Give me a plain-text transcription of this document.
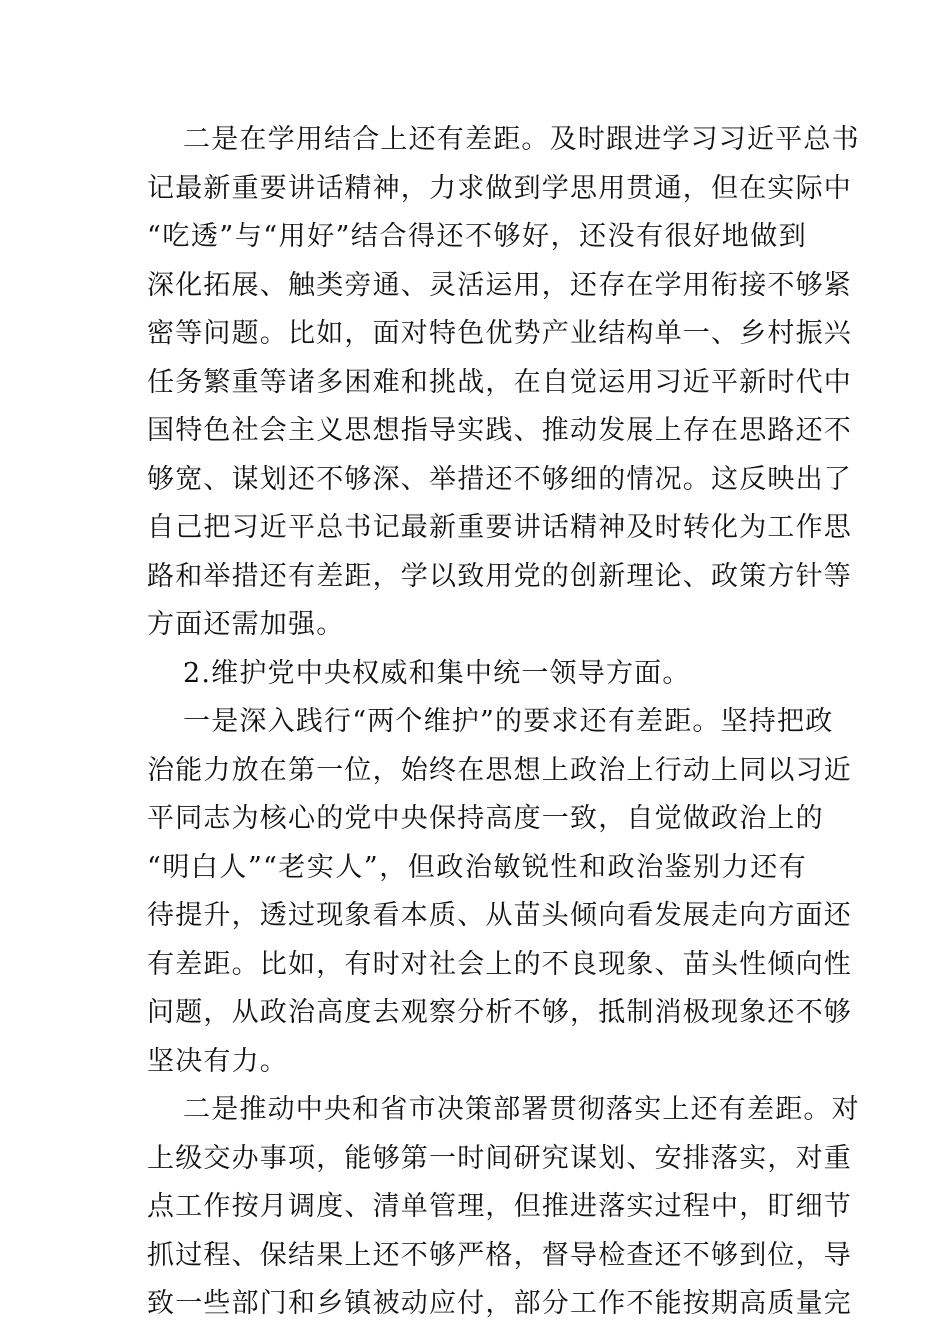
二是在学用结合上还有差距。及时跟进学习习近平总书
记最新重要讲话精神，力求做到学思用贯通，但在实际中
“吃透”与“用好”结合得还不够好，还没有很好地做到
深化拓展、触类旁通、灵活运用，还存在学用衔接不够紧
密等问题。比如，面对特色优势产业结构单一、乡村振兴
任务繁重等诸多困难和挑战，在自觉运用习近平新时代中
国特色社会主义思想指导实践、推动发展上存在思路还不
够宽、谋划还不够深、举措还不够细的情况。这反映出了
自己把习近平总书记最新重要讲话精神及时转化为工作思
路和举措还有差距，学以致用党的创新理论、政策方针等
方面还需加强。
2.维护党中央权威和集中统一领导方面。
一是深入践行“两个维护”的要求还有差距。坚持把政
治能力放在第一位，始终在思想上政治上行动上同以习近
平同志为核心的党中央保持高度一致，自觉做政治上的
“明白人”“老实人”，但政治敏锐性和政治鉴别力还有
待提升，透过现象看本质、从苗头倾向看发展走向方面还
有差距。比如，有时对社会上的不良现象、苗头性倾向性
问题，从政治高度去观察分析不够，抵制消极现象还不够
坚决有力。
二是推动中央和省市决策部署贯彻落实上还有差距。对
上级交办事项，能够第一时间研究谋划、安排落实，对重
点工作按月调度、清单管理，但推进落实过程中，盯细节
抓过程、保结果上还不够严格，督导检查还不够到位，导
致一些部门和乡镇被动应付，部分工作不能按期高质量完
